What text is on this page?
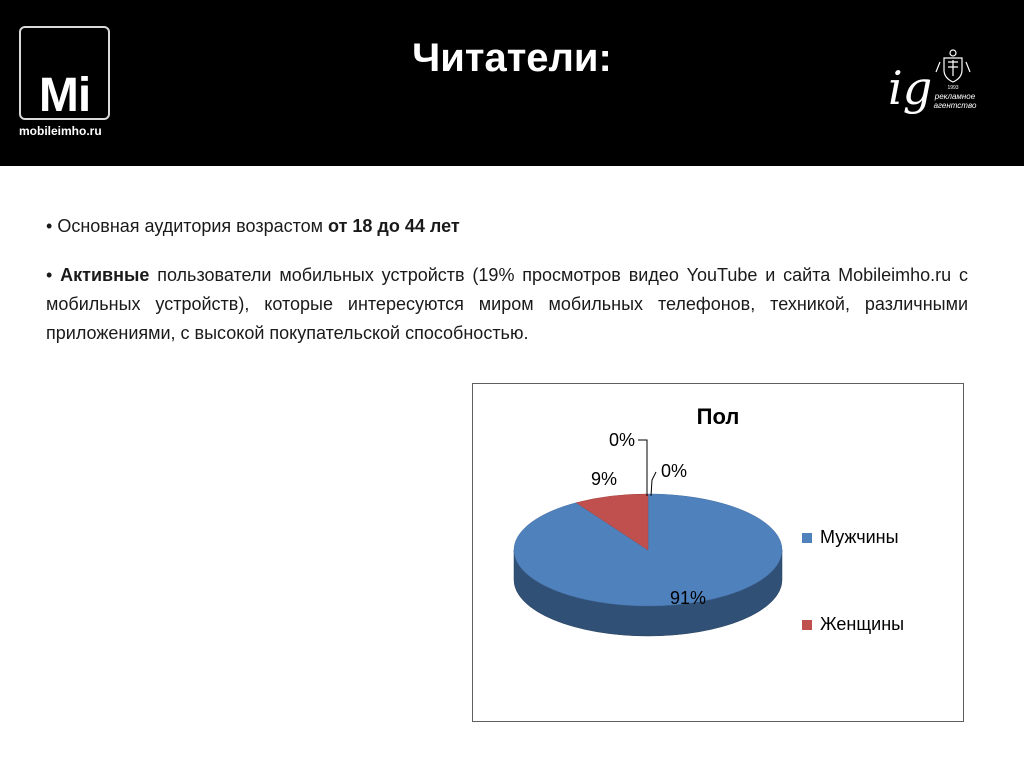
Mi
mobileimho.ru
Читатели:
ig	1993
рекламное
агентство
• Основная аудитория возрастом от 18 до 44 лет
• Активные пользователи мобильных устройств (19% просмотров видео YouTube и сайта Mobileimho.ru с мобильных устройств), которые интересуются миром мобильных телефонов, техникой, различными приложениями, с высокой покупательской способностью.
Пол
91%
9%
0%
0%
Мужчины
Женщины
